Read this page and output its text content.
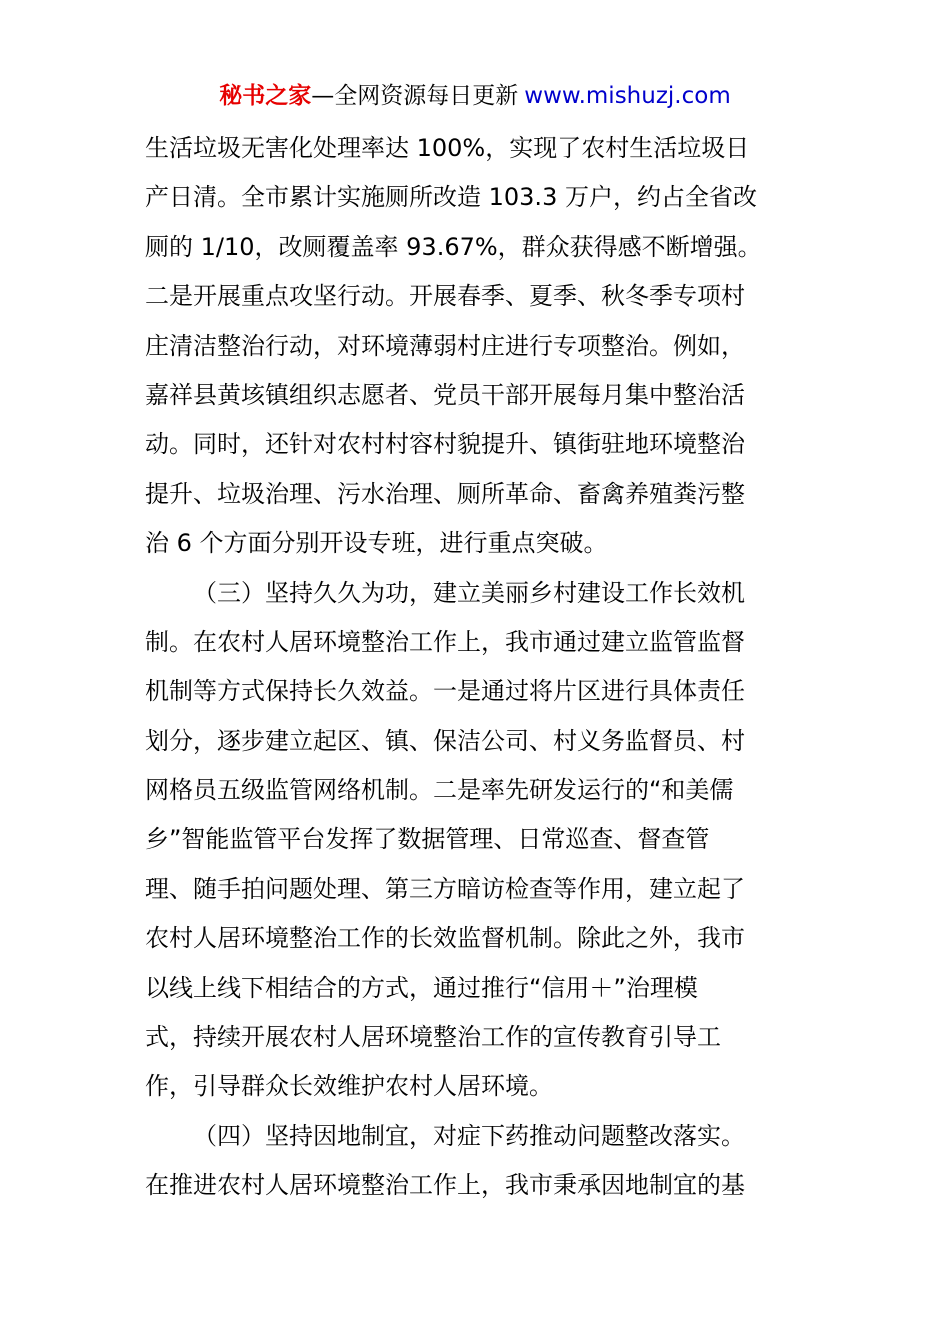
秘书之家—全网资源每日更新 www.mishuzj.com
生活垃圾无害化处理率达 100%，实现了农村生活垃圾日
产日清。全市累计实施厕所改造 103.3 万户，约占全省改
厕的 1/10，改厕覆盖率 93.67%，群众获得感不断增强。
二是开展重点攻坚行动。开展春季、夏季、秋冬季专项村
庄清洁整治行动，对环境薄弱村庄进行专项整治。例如，
嘉祥县黄垓镇组织志愿者、党员干部开展每月集中整治活
动。同时，还针对农村村容村貌提升、镇街驻地环境整治
提升、垃圾治理、污水治理、厕所革命、畜禽养殖粪污整
治 6 个方面分别开设专班，进行重点突破。
（三）坚持久久为功，建立美丽乡村建设工作长效机
制。在农村人居环境整治工作上，我市通过建立监管监督
机制等方式保持长久效益。一是通过将片区进行具体责任
划分，逐步建立起区、镇、保洁公司、村义务监督员、村
网格员五级监管网络机制。二是率先研发运行的“和美儒
乡”智能监管平台发挥了数据管理、日常巡查、督查管
理、随手拍问题处理、第三方暗访检查等作用，建立起了
农村人居环境整治工作的长效监督机制。除此之外，我市
以线上线下相结合的方式，通过推行“信用＋”治理模
式，持续开展农村人居环境整治工作的宣传教育引导工
作，引导群众长效维护农村人居环境。
（四）坚持因地制宜，对症下药推动问题整改落实。
在推进农村人居环境整治工作上，我市秉承因地制宜的基
